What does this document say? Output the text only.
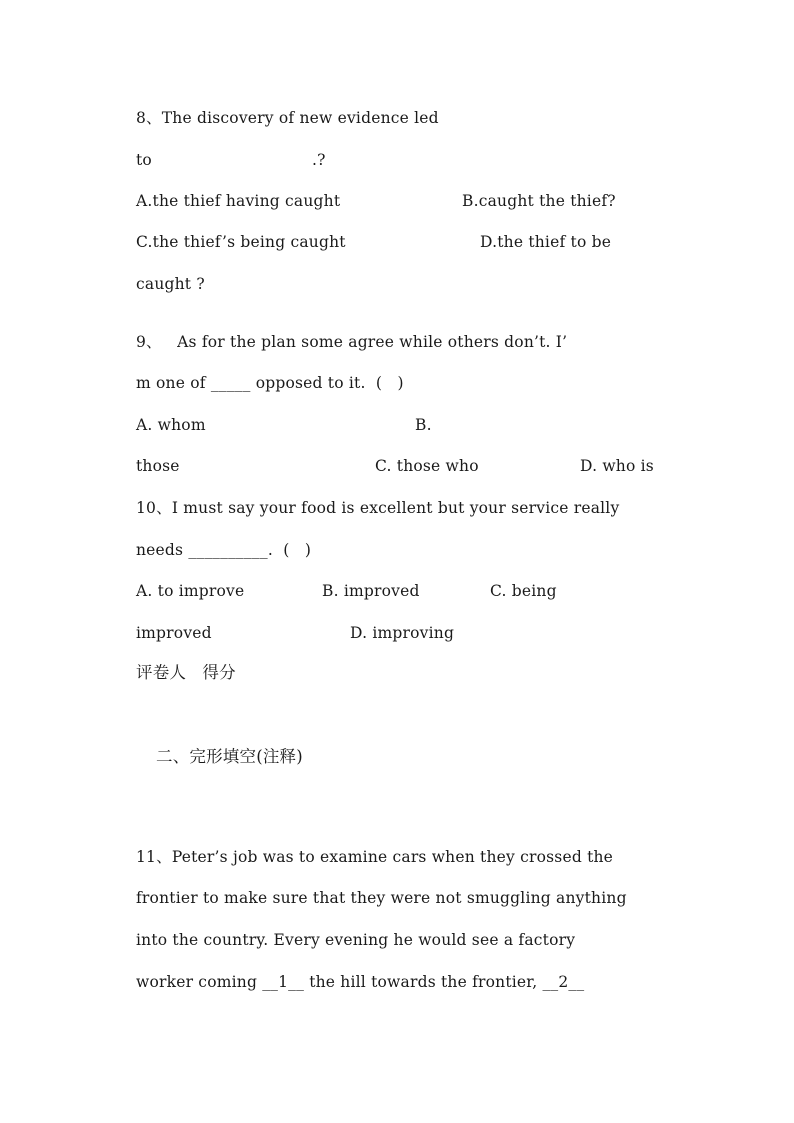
8、The discovery of new evidence led
to	.?
A.the thief having caught	B.caught the thief?
C.the thief’s being caught	D.the thief to be
caught ?
9、   As for the plan some agree while others don’t. I’
m one of _____ opposed to it.  (   )
A. whom	B.
those	C. those who	D. who is
10、I must say your food is excellent but your service really
needs __________.  (   )
A. to improve	B. improved	C. being
improved	D. improving
评卷人   得分
二、完形填空(注释)
11、Peter’s job was to examine cars when they crossed the
frontier to make sure that they were not smuggling anything
into the country. Every evening he would see a factory
worker coming __1__ the hill towards the frontier, __2__
